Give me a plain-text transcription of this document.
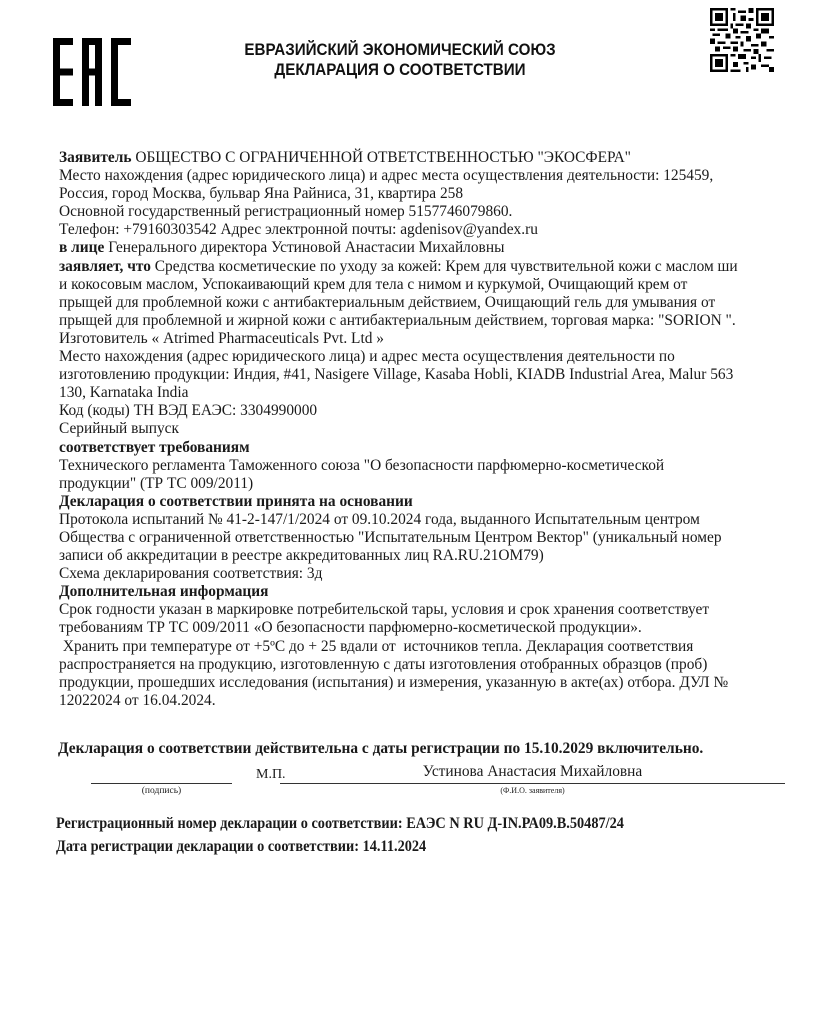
ЕВРАЗИЙСКИЙ ЭКОНОМИЧЕСКИЙ СОЮЗ
ДЕКЛАРАЦИЯ О СООТВЕТСТВИИ

Заявитель ОБЩЕСТВО С ОГРАНИЧЕННОЙ ОТВЕТСТВЕННОСТЬЮ "ЭКОСФЕРА"

Место нахождения (адрес юридического лица) и адрес места осуществления деятельности: 125459,

Россия, город Москва, бульвар Яна Райниса, 31, квартира 258

Основной государственный регистрационный номер 5157746079860.

Телефон: +79160303542 Адрес электронной почты: agdenisov@yandex.ru

в лице Генерального директора Устиновой Анастасии Михайловны

заявляет, что Средства косметические по уходу за кожей: Крем для чувствительной кожи с маслом ши

и кокосовым маслом, Успокаивающий крем для тела с нимом и куркумой, Очищающий крем от

прыщей для проблемной кожи с антибактериальным действием, Очищающий гель для умывания от

прыщей для проблемной и жирной кожи с антибактериальным действием, торговая марка: "SORION ".

Изготовитель « Atrimed Pharmaceuticals Pvt. Ltd »

Место нахождения (адрес юридического лица) и адрес места осуществления деятельности по

изготовлению продукции: Индия, #41, Nasigere Village, Kasaba Hobli, KIADB Industrial Area, Malur 563

130, Karnataka India

Код (коды) ТН ВЭД ЕАЭС: 3304990000

Серийный выпуск

соответствует требованиям

Технического регламента Таможенного союза "О безопасности парфюмерно-косметической

продукции" (ТР ТС 009/2011)

Декларация о соответствии принята на основании

Протокола испытаний № 41-2-147/1/2024 от 09.10.2024 года, выданного Испытательным центром

Общества с ограниченной ответственностью "Испытательным Центром Вектор" (уникальный номер

записи об аккредитации в реестре аккредитованных лиц RA.RU.21ОМ79)

Схема декларирования соответствия: 3д

Дополнительная информация

Срок годности указан в маркировке потребительской тары, условия и срок хранения соответствует

требованиям ТР ТС 009/2011 «О безопасности парфюмерно-косметической продукции».

Хранить при температуре от +5ºС до + 25 вдали от  источников тепла. Декларация соответствия

распространяется на продукцию, изготовленную с даты изготовления отобранных образцов (проб)

продукции, прошедших исследования (испытания) и измерения, указанную в акте(ах) отбора. ДУЛ №

12022024 от 16.04.2024.

Декларация о соответствии действительна с даты регистрации по 15.10.2029 включительно.
(подпись)
М.П.	Устинова Анастасия Михайловна
(Ф.И.О. заявителя)
Регистрационный номер декларации о соответствии: ЕАЭС N RU Д-IN.РА09.В.50487/24
Дата регистрации декларации о соответствии: 14.11.2024
